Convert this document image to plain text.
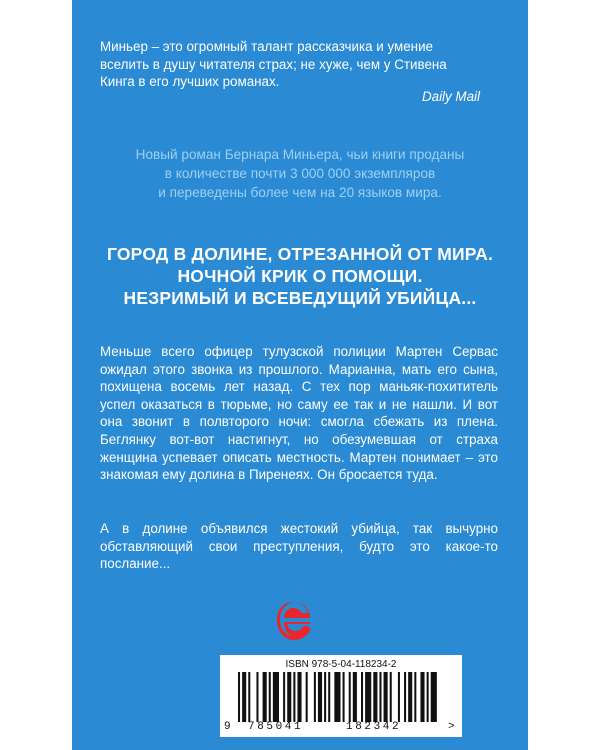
Миньер – это огромный талант рассказчика и умение
вселить в душу читателя страх; не хуже, чем у Стивена
Кинга в его лучших романах.
Daily Mail
Новый роман Бернара Миньера, чьи книги проданы
в количестве почти 3 000 000 экземпляров
и переведены более чем на 20 языков мира.
ГОРОД В ДОЛИНЕ, ОТРЕЗАННОЙ ОТ МИРА.
НОЧНОЙ КРИК О ПОМОЩИ.
НЕЗРИМЫЙ И ВСЕВЕДУЩИЙ УБИЙЦА...
Меньше всего офицер тулузской полиции Мартен Сервас ожидал этого звонка из прошлого. Марианна, мать его сына, похищена восемь лет назад. С тех пор маньяк-похититель успел оказаться в тюрьме, но саму ее так и не нашли. И вот она звонит в полвторого ночи: смогла сбежать из плена. Беглянку вот-вот настигнут, но обезумевшая от страха женщина успевает описать местность. Мартен понимает – это знакомая ему долина в Пиренеях. Он бросается туда.
А в долине объявился жестокий убийца, так вычурно обставляющий свои преступления, будто это какое-то послание...
ISBN 978-5-04-118234-2
9 785041	182342	>
